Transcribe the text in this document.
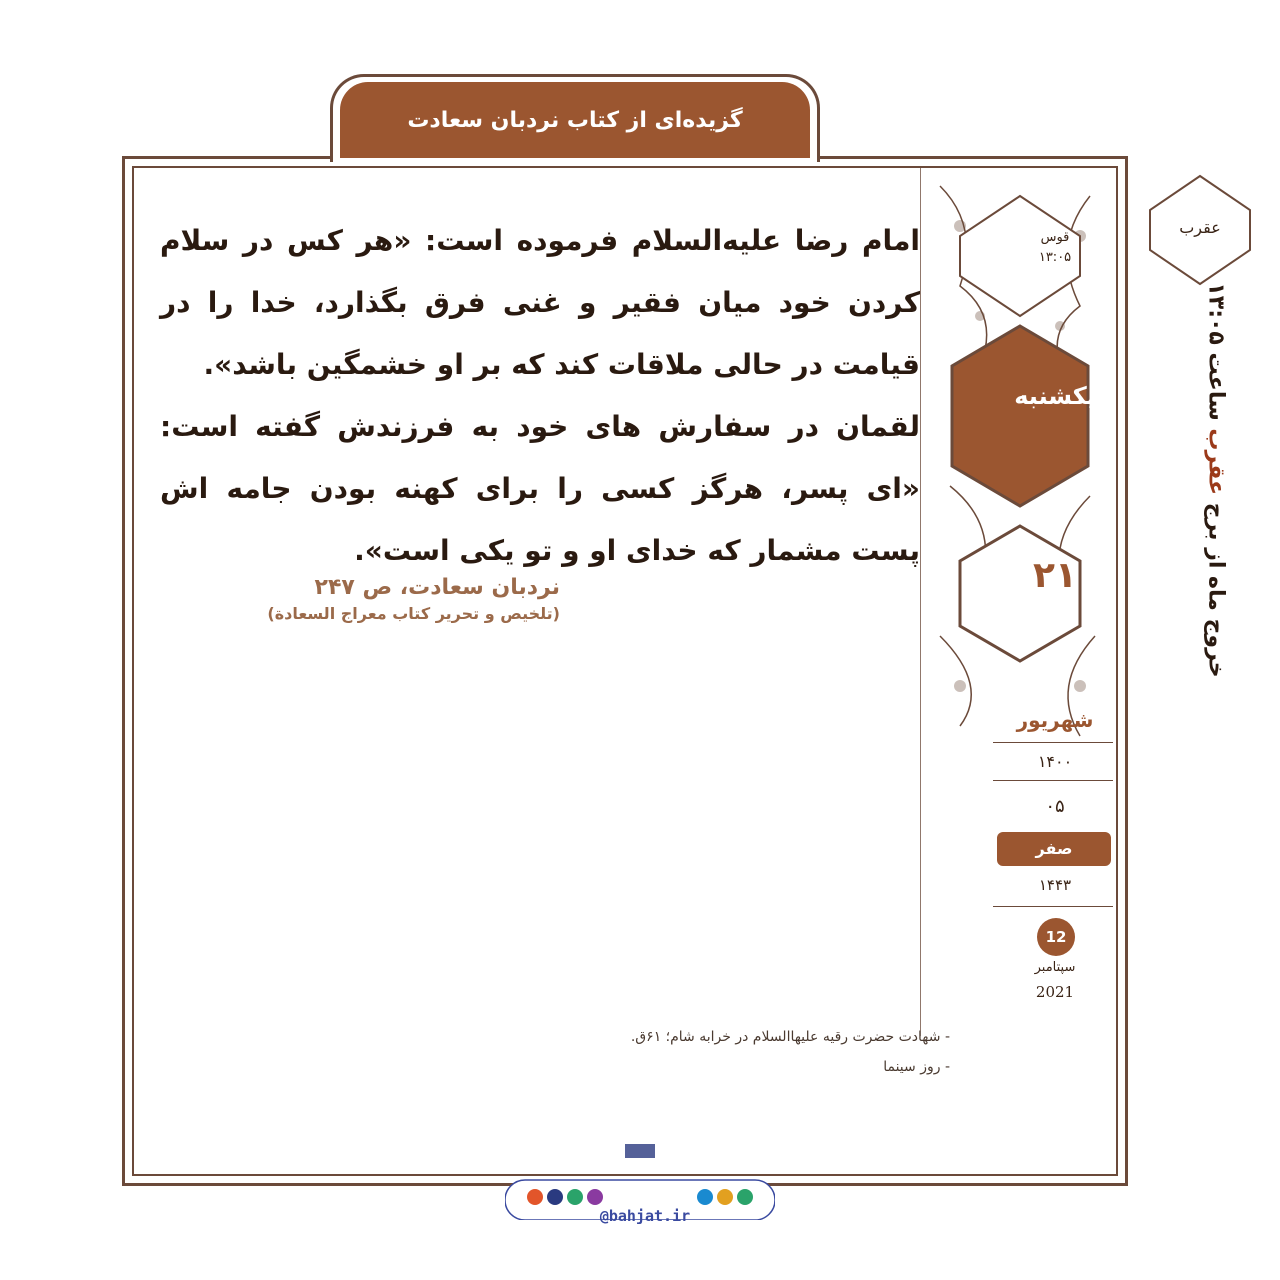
گزیده‌ای از کتاب نردبان سعادت
قوس
۱۳:۰۵
یکشنبه
۲۱
عقرب
خروج ماه از برج عقرب ساعت ۱۳:۰۵

امام رضا علیه‌السلام فرموده است: «هر کس در سلام کردن خود میان فقیر و غنی فرق بگذارد، خدا را در قیامت در حالی ملاقات کند که بر او خشمگین باشد».

لقمان در سفارش های خود به فرزندش گفته است: «ای پسر، هرگز کسی را برای کهنه بودن جامه اش پست مشمار که خدای او و تو یکی است».

نردبان سعادت، ص ۲۴۷
(تلخیص و تحریر کتاب معراج السعادة)
شهریور
۱۴۰۰
۰۵
صفر
۱۴۴۳
12
سپتامبر
2021
- شهادت حضرت رقیه علیهاالسلام در خرابه شام؛ ۶۱ق.
- روز سینما
@bahjat.ir
